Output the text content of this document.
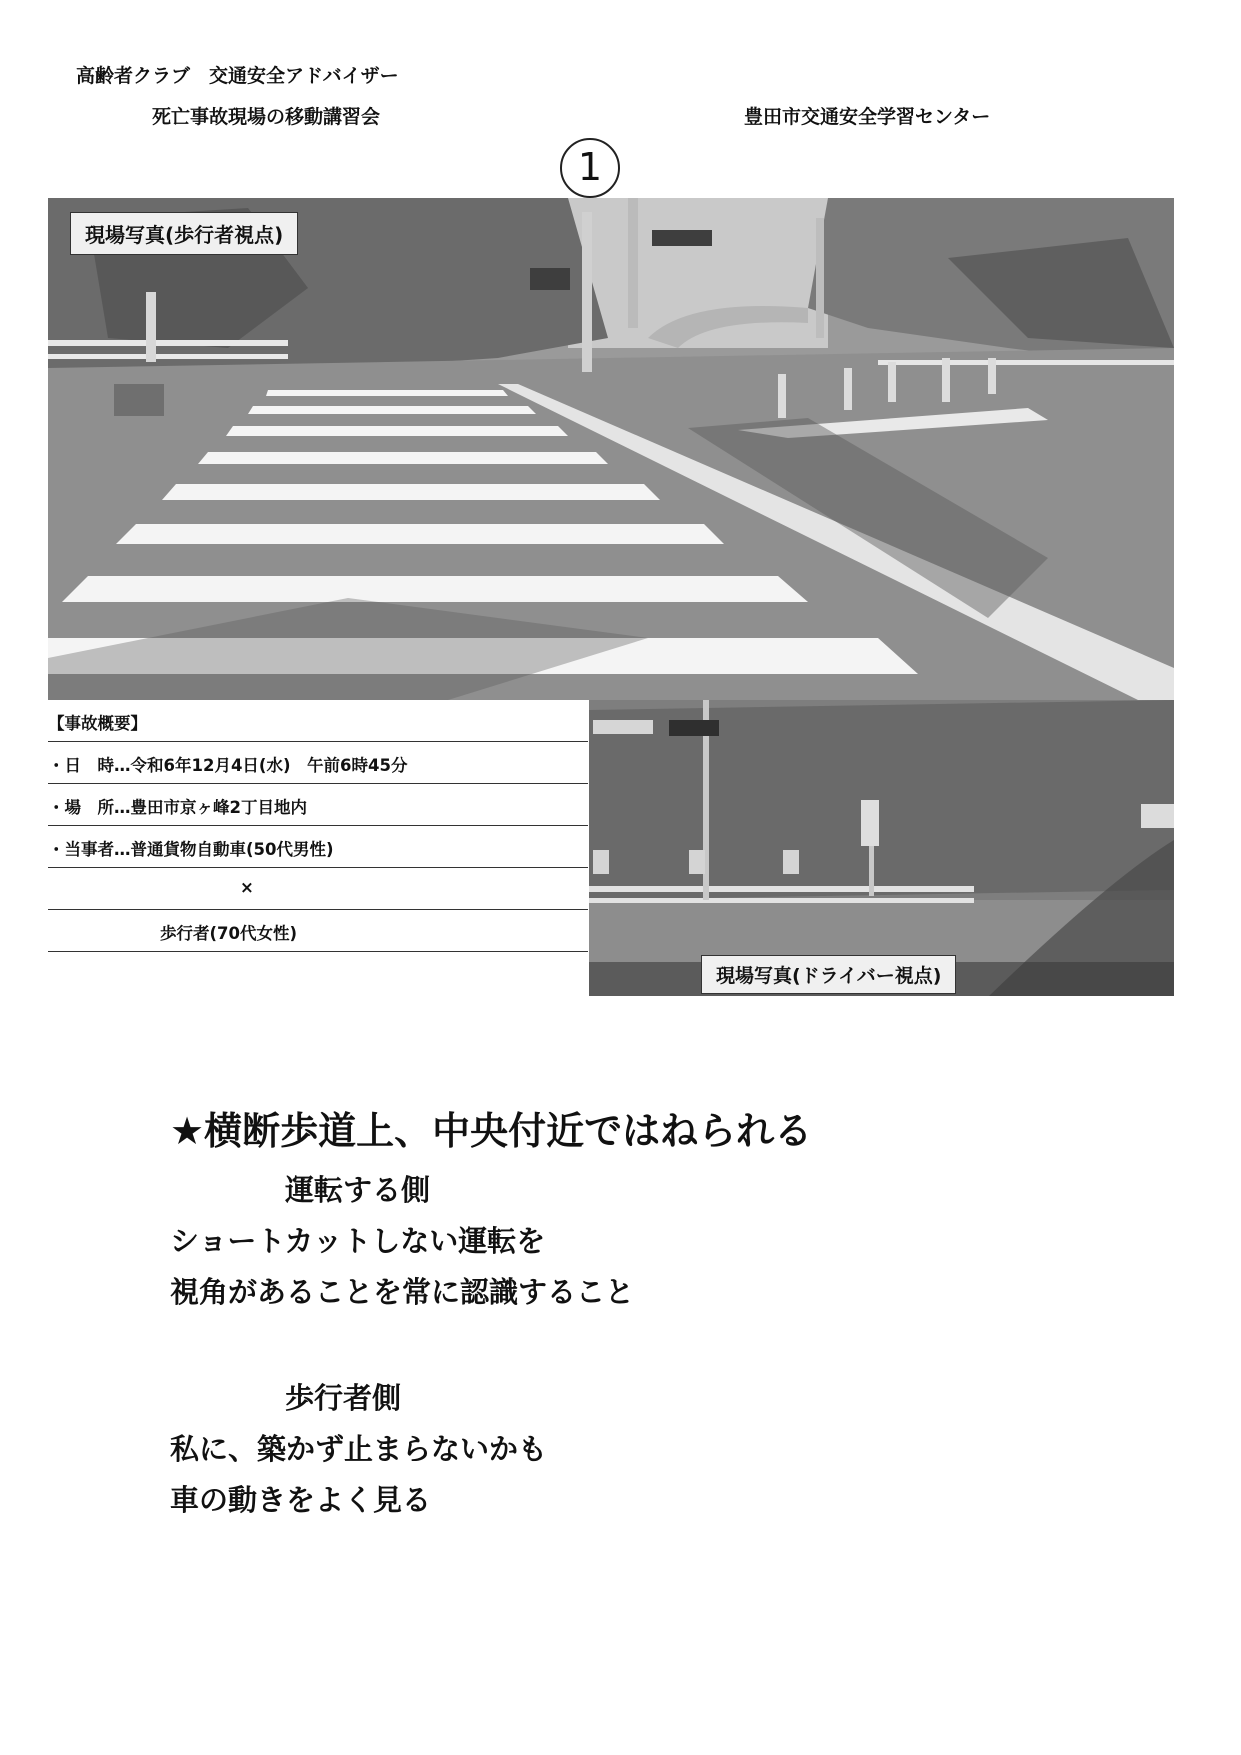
高齢者クラブ　交通安全アドバイザー
死亡事故現場の移動講習会	豊田市交通安全学習センター
1
現場写真(歩行者視点)
【事故概要】
・日　時…令和6年12月4日(水)　午前6時45分
・場　所…豊田市京ヶ峰2丁目地内
・当事者…普通貨物自動車(50代男性)
×
歩行者(70代女性)
現場写真(ドライバー視点)
★横断歩道上、中央付近ではねられる
運転する側
ショートカットしない運転を
視角があることを常に認識すること
歩行者側
私に、築かず止まらないかも
車の動きをよく見る
